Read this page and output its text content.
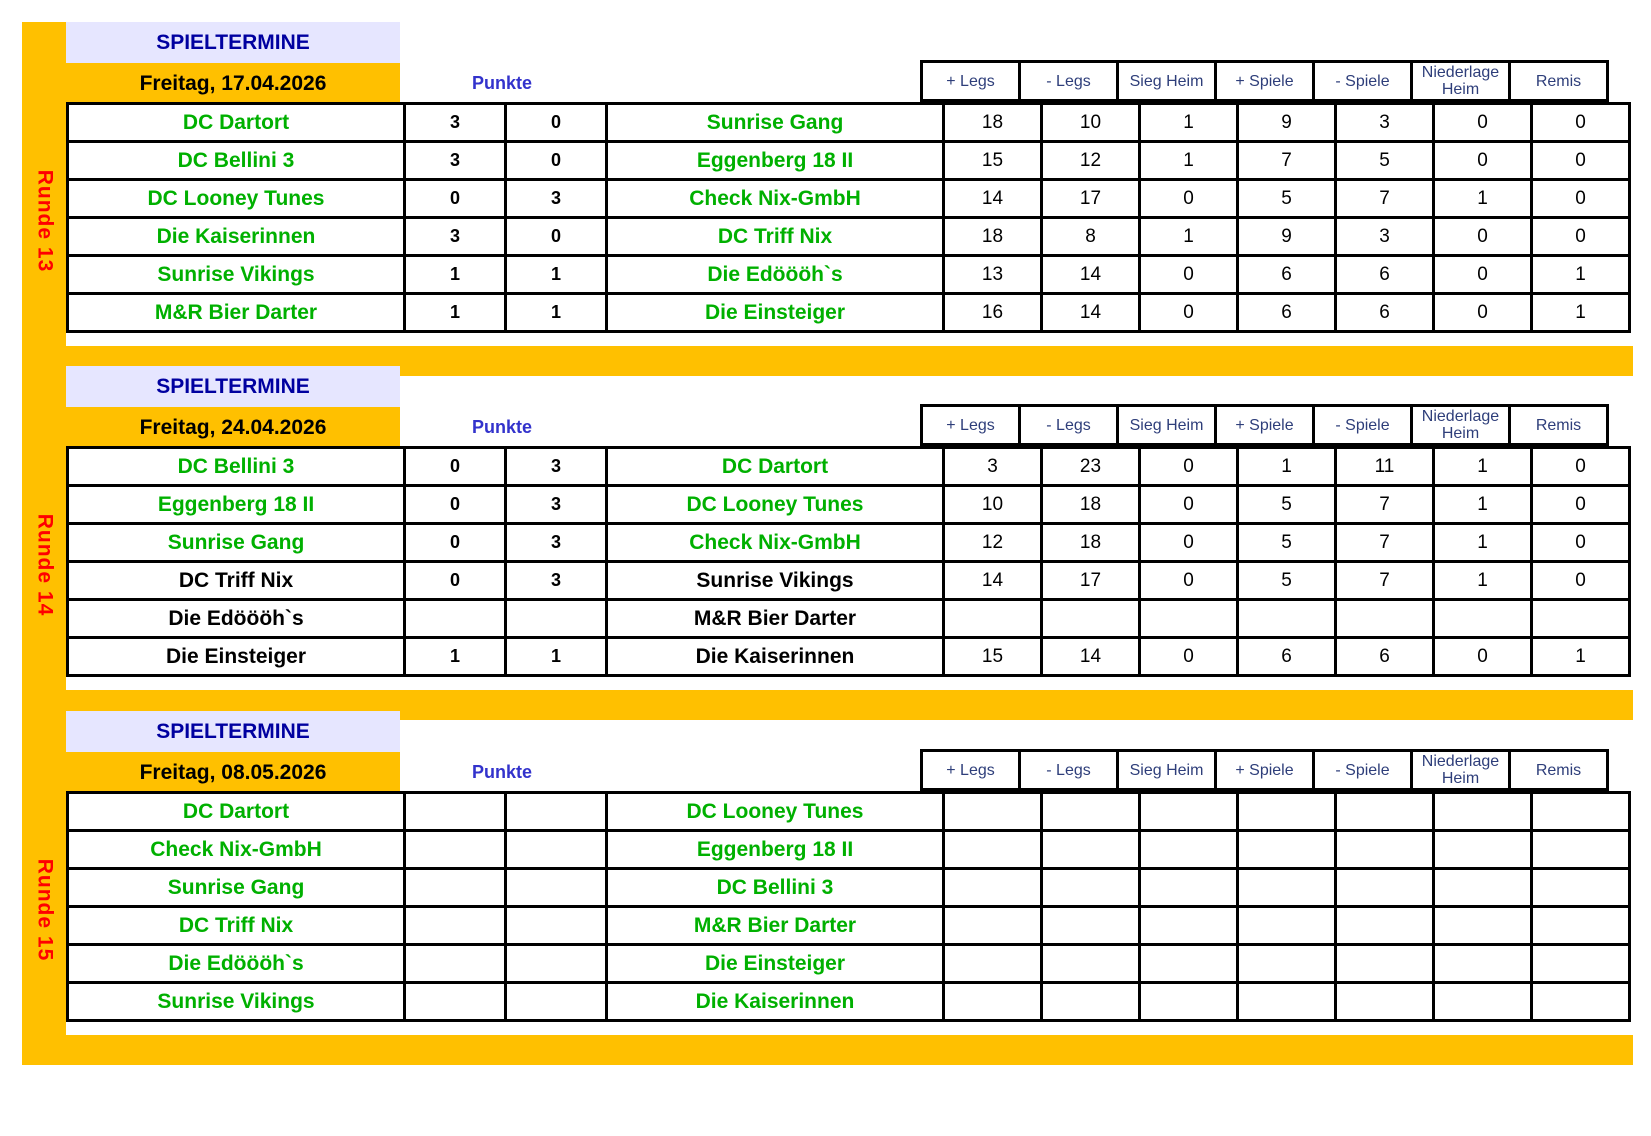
Runde 13
SPIELTERMINE
Freitag, 17.04.2026	Punkte	+ Legs	- Legs	Sieg Heim	+ Spiele	- Spiele	Niederlage Heim	Remis
DC Dartort	3	0	Sunrise Gang	18	10	1	9	3	0	0
DC Bellini 3	3	0	Eggenberg 18 II	15	12	1	7	5	0	0
DC Looney Tunes	0	3	Check Nix-GmbH	14	17	0	5	7	1	0
Die Kaiserinnen	3	0	DC Triff Nix	18	8	1	9	3	0	0
Sunrise Vikings	1	1	Die Edöööh`s	13	14	0	6	6	0	1
M&R Bier Darter	1	1	Die Einsteiger	16	14	0	6	6	0	1
Runde 14
SPIELTERMINE
Freitag, 24.04.2026	Punkte	+ Legs	- Legs	Sieg Heim	+ Spiele	- Spiele	Niederlage Heim	Remis
DC Bellini 3	0	3	DC Dartort	3	23	0	1	11	1	0
Eggenberg 18 II	0	3	DC Looney Tunes	10	18	0	5	7	1	0
Sunrise Gang	0	3	Check Nix-GmbH	12	18	0	5	7	1	0
DC Triff Nix	0	3	Sunrise Vikings	14	17	0	5	7	1	0
Die Edöööh`s			M&R Bier Darter							
Die Einsteiger	1	1	Die Kaiserinnen	15	14	0	6	6	0	1
Runde 15
SPIELTERMINE
Freitag, 08.05.2026	Punkte	+ Legs	- Legs	Sieg Heim	+ Spiele	- Spiele	Niederlage Heim	Remis
DC Dartort			DC Looney Tunes							
Check Nix-GmbH			Eggenberg 18 II							
Sunrise Gang			DC Bellini 3							
DC Triff Nix			M&R Bier Darter							
Die Edöööh`s			Die Einsteiger							
Sunrise Vikings			Die Kaiserinnen							
